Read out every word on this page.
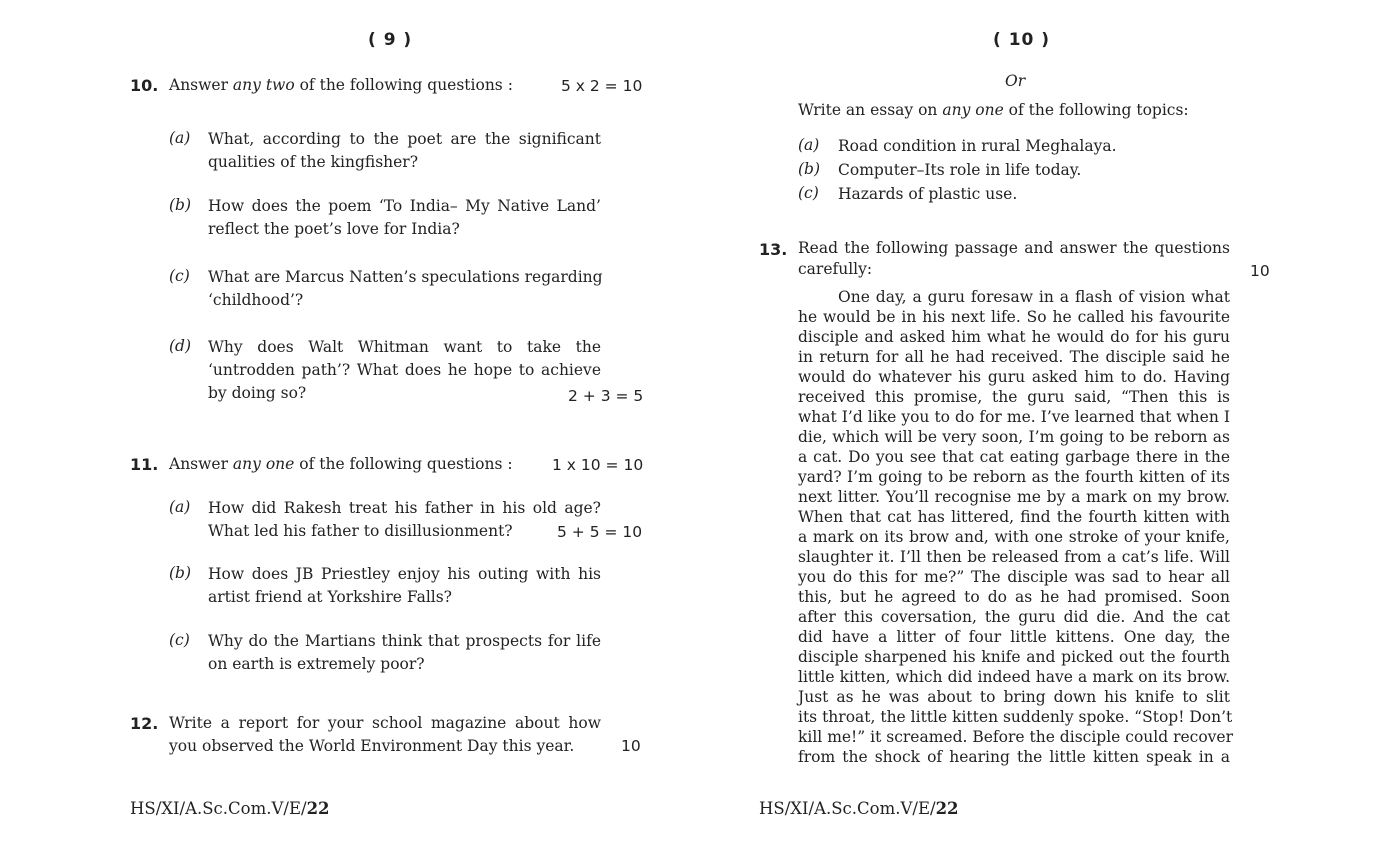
( 9 )
10. Answer any two of the following questions :	5 x 2 = 10
(a) What, according to the poet are the significant
qualities of the kingfisher?
(b) How does the poem ‘To India– My Native Land’
reflect the poet’s love for India?
(c) What are Marcus Natten’s speculations regarding
‘childhood’?
(d) Why does Walt Whitman want to take the
‘untrodden path’? What does he hope to achieve
by doing so?	2 + 3 = 5
11. Answer any one of the following questions :	1 x 10 = 10
(a) How did Rakesh treat his father in his old age?
What led his father to disillusionment?	5 + 5 = 10
(b) How does JB Priestley enjoy his outing with his
artist friend at Yorkshire Falls?
(c) Why do the Martians think that prospects for life
on earth is extremely poor?
12. Write a report for your school magazine about how
you observed the World Environment Day this year.	10
HS/XI/A.Sc.Com.V/E/22
( 10 )
Or
Write an essay on any one of the following topics:
(a) Road condition in rural Meghalaya.
(b) Computer–Its role in life today.
(c) Hazards of plastic use.
13. Read the following passage and answer the questions
carefully:	10
One day, a guru foresaw in a flash of vision what
he would be in his next life. So he called his favourite
disciple and asked him what he would do for his guru
in return for all he had received. The disciple said he
would do whatever his guru asked him to do. Having
received this promise, the guru said, “Then this is
what I’d like you to do for me. I’ve learned that when I
die, which will be very soon, I’m going to be reborn as
a cat. Do you see that cat eating garbage there in the
yard? I’m going to be reborn as the fourth kitten of its
next litter. You’ll recognise me by a mark on my brow.
When that cat has littered, find the fourth kitten with
a mark on its brow and, with one stroke of your knife,
slaughter it. I’ll then be released from a cat’s life. Will
you do this for me?” The disciple was sad to hear all
this, but he agreed to do as he had promised. Soon
after this coversation, the guru did die. And the cat
did have a litter of four little kittens. One day, the
disciple sharpened his knife and picked out the fourth
little kitten, which did indeed have a mark on its brow.
Just as he was about to bring down his knife to slit
its throat, the little kitten suddenly spoke. “Stop! Don’t
kill me!” it screamed. Before the disciple could recover
from the shock of hearing the little kitten speak in a
HS/XI/A.Sc.Com.V/E/22
